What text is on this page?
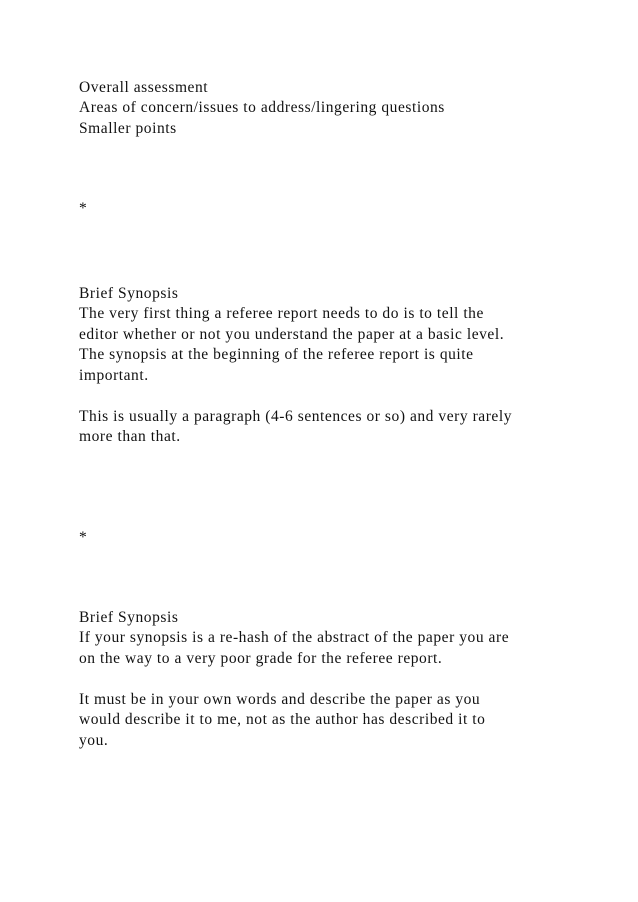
Overall assessment

Areas of concern/issues to address/lingering questions

Smaller points

*

Brief Synopsis

The very first thing a referee report needs to do is to tell the

editor whether or not you understand the paper at a basic level.

The synopsis at the beginning of the referee report is quite

important.

This is usually a paragraph (4-6 sentences or so) and very rarely

more than that.

*

Brief Synopsis

If your synopsis is a re-hash of the abstract of the paper you are

on the way to a very poor grade for the referee report.

It must be in your own words and describe the paper as you

would describe it to me, not as the author has described it to

you.
